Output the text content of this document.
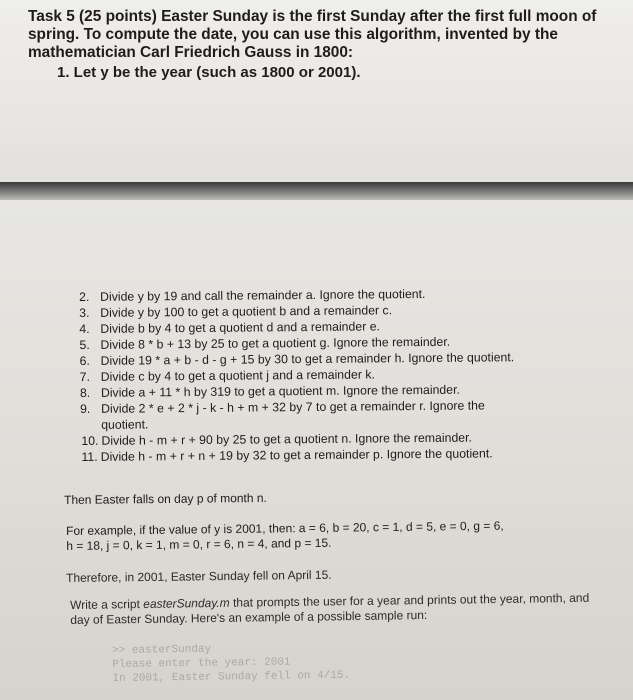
Task 5 (25 points) Easter Sunday is the first Sunday after the first full moon of spring. To compute the date, you can use this algorithm, invented by the mathematician Carl Friedrich Gauss in 1800:

1. Let y be the year (such as 1800 or 2001).
2. Divide y by 19 and call the remainder a. Ignore the quotient.
3. Divide y by 100 to get a quotient b and a remainder c.
4. Divide b by 4 to get a quotient d and a remainder e.
5. Divide 8 * b + 13 by 25 to get a quotient g. Ignore the remainder.
6. Divide 19 * a + b - d - g + 15 by 30 to get a remainder h. Ignore the quotient.
7. Divide c by 4 to get a quotient j and a remainder k.
8. Divide a + 11 * h by 319 to get a quotient m. Ignore the remainder.
9. Divide 2 * e + 2 * j - k - h + m + 32 by 7 to get a remainder r. Ignore the
quotient.
10. Divide h - m + r + 90 by 25 to get a quotient n. Ignore the remainder.
11. Divide h - m + r + n + 19 by 32 to get a remainder p. Ignore the quotient.

Then Easter falls on day p of month n.

For example, if the value of y is 2001, then: a = 6, b = 20, c = 1, d = 5, e = 0, g = 6,
h = 18, j = 0, k = 1, m = 0, r = 6, n = 4, and p = 15.

Therefore, in 2001, Easter Sunday fell on April 15.

Write a script easterSunday.m that prompts the user for a year and prints out the year, month, and day of Easter Sunday. Here's an example of a possible sample run:

>> easterSunday
Please enter the year: 2001
In 2001, Easter Sunday fell on 4/15.
